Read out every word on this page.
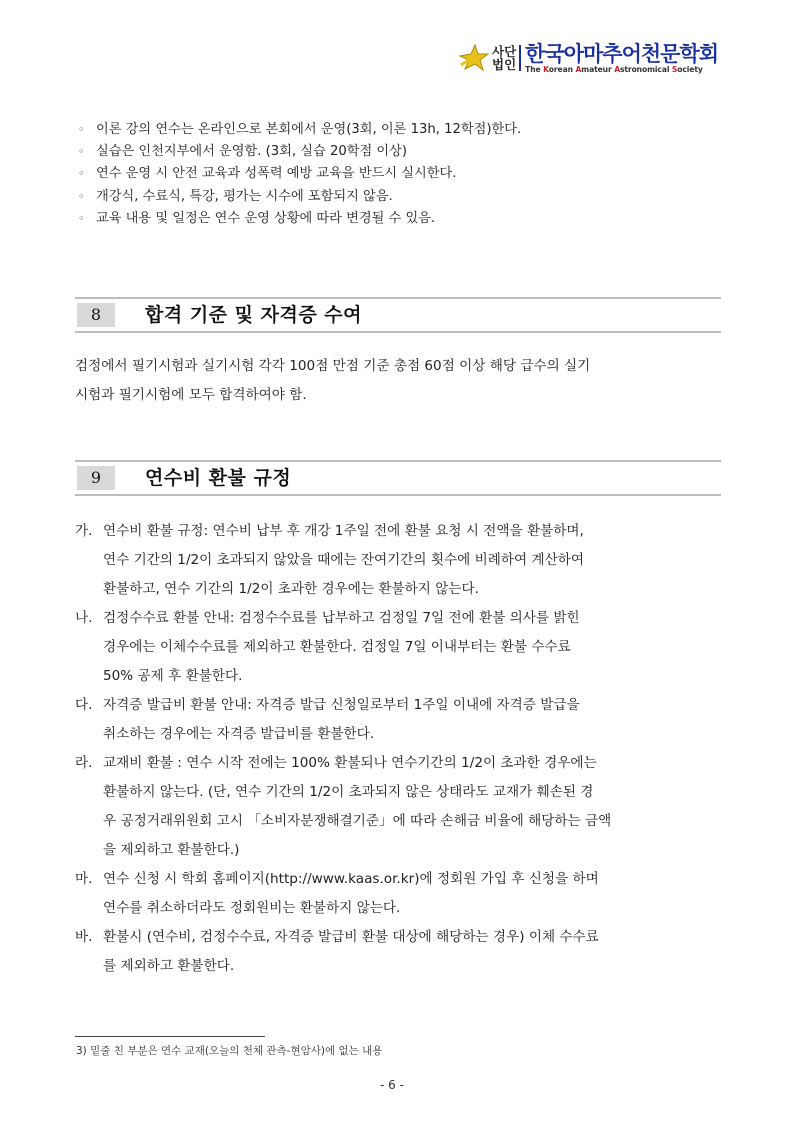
사단
법인 한국아마추어천문학회
The Korean Amateur Astronomical Society
◦ 이론 강의 연수는 온라인으로 본회에서 운영(3회, 이론 13h, 12학점)한다.
◦ 실습은 인천지부에서 운영함. (3회, 실습 20학점 이상)
◦ 연수 운영 시 안전 교육과 성폭력 예방 교육을 반드시 실시한다.
◦ 개강식, 수료식, 특강, 평가는 시수에 포함되지 않음.
◦ 교육 내용 및 일정은 연수 운영 상황에 따라 변경될 수 있음.
8	합격 기준 및 자격증 수여
검정에서 필기시험과 실기시험 각각 100점 만점 기준 총점 60점 이상 해당 급수의 실기
시험과 필기시험에 모두 합격하여야 함.
9	연수비 환불 규정
가. 연수비 환불 규정: 연수비 납부 후 개강 1주일 전에 환불 요청 시 전액을 환불하며,
연수 기간의 1/2이 초과되지 않았을 때에는 잔여기간의 횟수에 비례하여 계산하여
환불하고, 연수 기간의 1/2이 초과한 경우에는 환불하지 않는다.
나. 검정수수료 환불 안내: 검정수수료를 납부하고 검정일 7일 전에 환불 의사를 밝힌
경우에는 이체수수료를 제외하고 환불한다. 검정일 7일 이내부터는 환불 수수료
50% 공제 후 환불한다.
다. 자격증 발급비 환불 안내: 자격증 발급 신청일로부터 1주일 이내에 자격증 발급을
취소하는 경우에는 자격증 발급비를 환불한다.
라. 교재비 환불 : 연수 시작 전에는 100% 환불되나 연수기간의 1/2이 초과한 경우에는
환불하지 않는다. (단, 연수 기간의 1/2이 초과되지 않은 상태라도 교재가 훼손된 경
우 공정거래위원회 고시 「소비자분쟁해결기준」에 따라 손해금 비율에 해당하는 금액
을 제외하고 환불한다.)
마. 연수 신청 시 학회 홈페이지(http://www.kaas.or.kr)에 정회원 가입 후 신청을 하며
연수를 취소하더라도 정회원비는 환불하지 않는다.
바. 환불시 (연수비, 검정수수료, 자격증 발급비 환불 대상에 해당하는 경우) 이체 수수료
를 제외하고 환불한다.
3) 밑줄 친 부분은 연수 교재(오늘의 천체 관측-현암사)에 없는 내용
- 6 -
